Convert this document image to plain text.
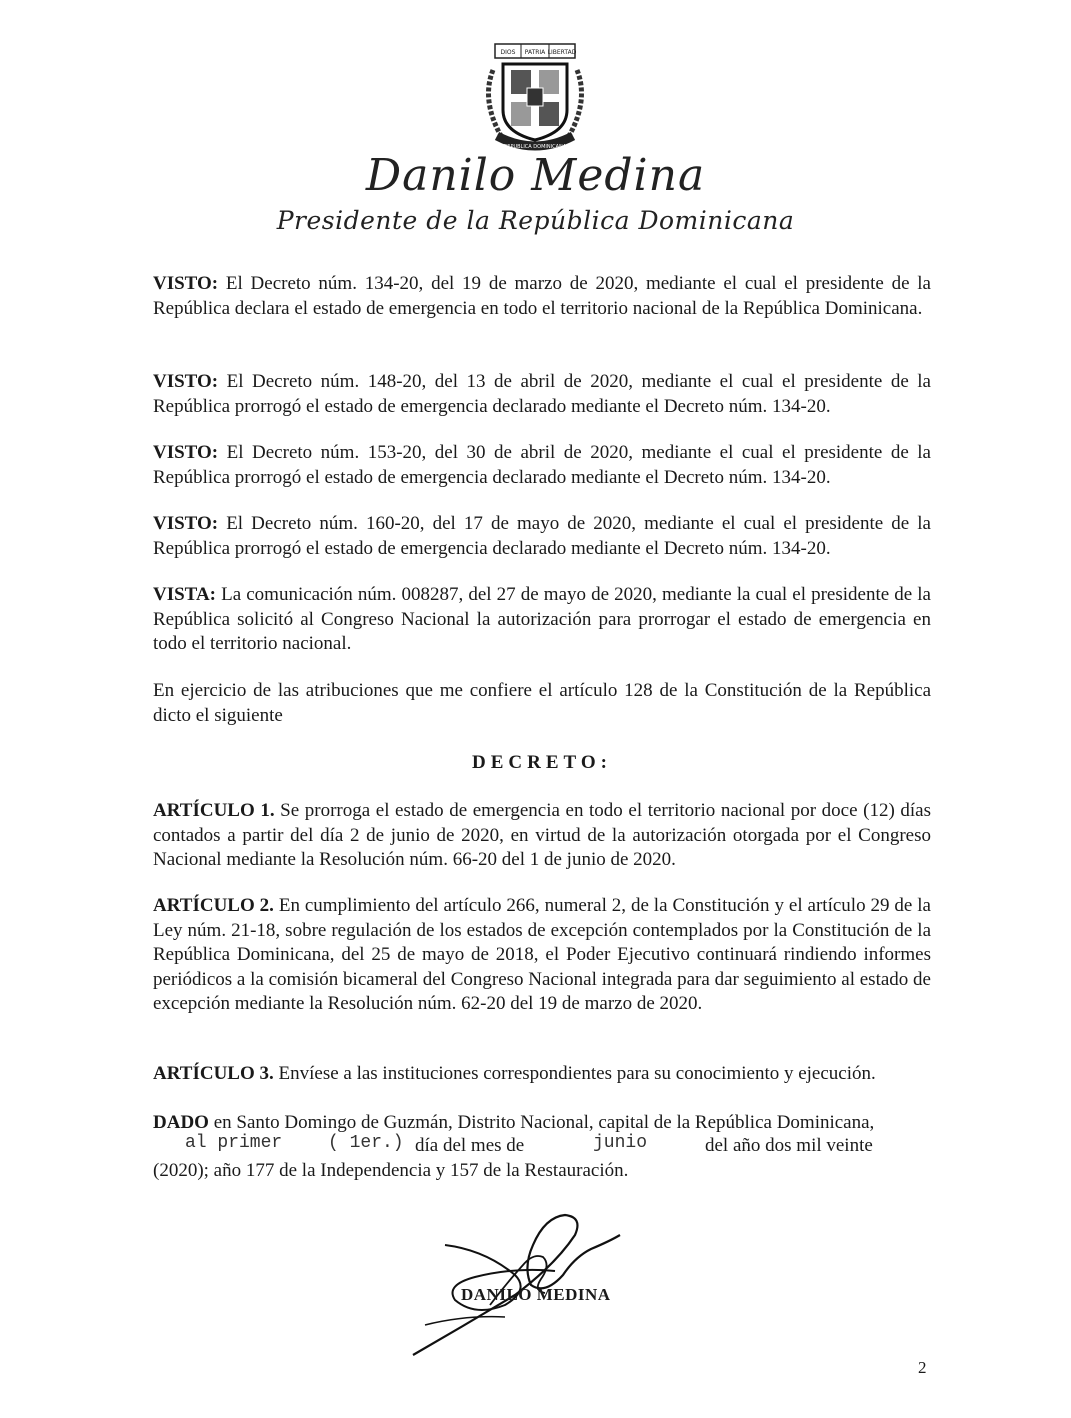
DIOS PATRIA LIBERTAD
REPUBLICA DOMINICANA
Danilo Medina
Presidente de la República Dominicana

VISTO: El Decreto núm. 134-20, del 19 de marzo de 2020, mediante el cual el presidente de la República declara el estado de emergencia en todo el territorio nacional de la República Dominicana.

VISTO: El Decreto núm. 148-20, del 13 de abril de 2020, mediante el cual el presidente de la República prorrogó el estado de emergencia declarado mediante el Decreto núm. 134-20.

VISTO: El Decreto núm. 153-20, del 30 de abril de 2020, mediante el cual el presidente de la República prorrogó el estado de emergencia declarado mediante el Decreto núm. 134-20.

VISTO: El Decreto núm. 160-20, del 17 de mayo de 2020, mediante el cual el presidente de la República prorrogó el estado de emergencia declarado mediante el Decreto núm. 134-20.

VISTA: La comunicación núm. 008287, del 27 de mayo de 2020, mediante la cual el presidente de la República solicitó al Congreso Nacional la autorización para prorrogar el estado de emergencia en todo el territorio nacional.

En ejercicio de las atribuciones que me confiere el artículo 128 de la Constitución de la República dicto el siguiente

DECRETO:

ARTÍCULO 1. Se prorroga el estado de emergencia en todo el territorio nacional por doce (12) días contados a partir del día 2 de junio de 2020, en virtud de la autorización otorgada por el Congreso Nacional mediante la Resolución núm. 66-20 del 1 de junio de 2020.

ARTÍCULO 2. En cumplimiento del artículo 266, numeral 2, de la Constitución y el artículo 29 de la Ley núm. 21-18, sobre regulación de los estados de excepción contemplados por la Constitución de la República Dominicana, del 25 de mayo de 2018, el Poder Ejecutivo continuará rindiendo informes periódicos a la comisión bicameral del Congreso Nacional integrada para dar seguimiento al estado de excepción mediante la Resolución núm. 62-20 del 19 de marzo de 2020.

ARTÍCULO 3. Envíese a las instituciones correspondientes para su conocimiento y ejecución.

DADO en Santo Domingo de Guzmán, Distrito Nacional, capital de la República Dominicana,

al primer	( 1er.) día del mes de	junio	del año dos mil veinte

(2020); año 177 de la Independencia y 157 de la Restauración.

DANILO MEDINA
2
